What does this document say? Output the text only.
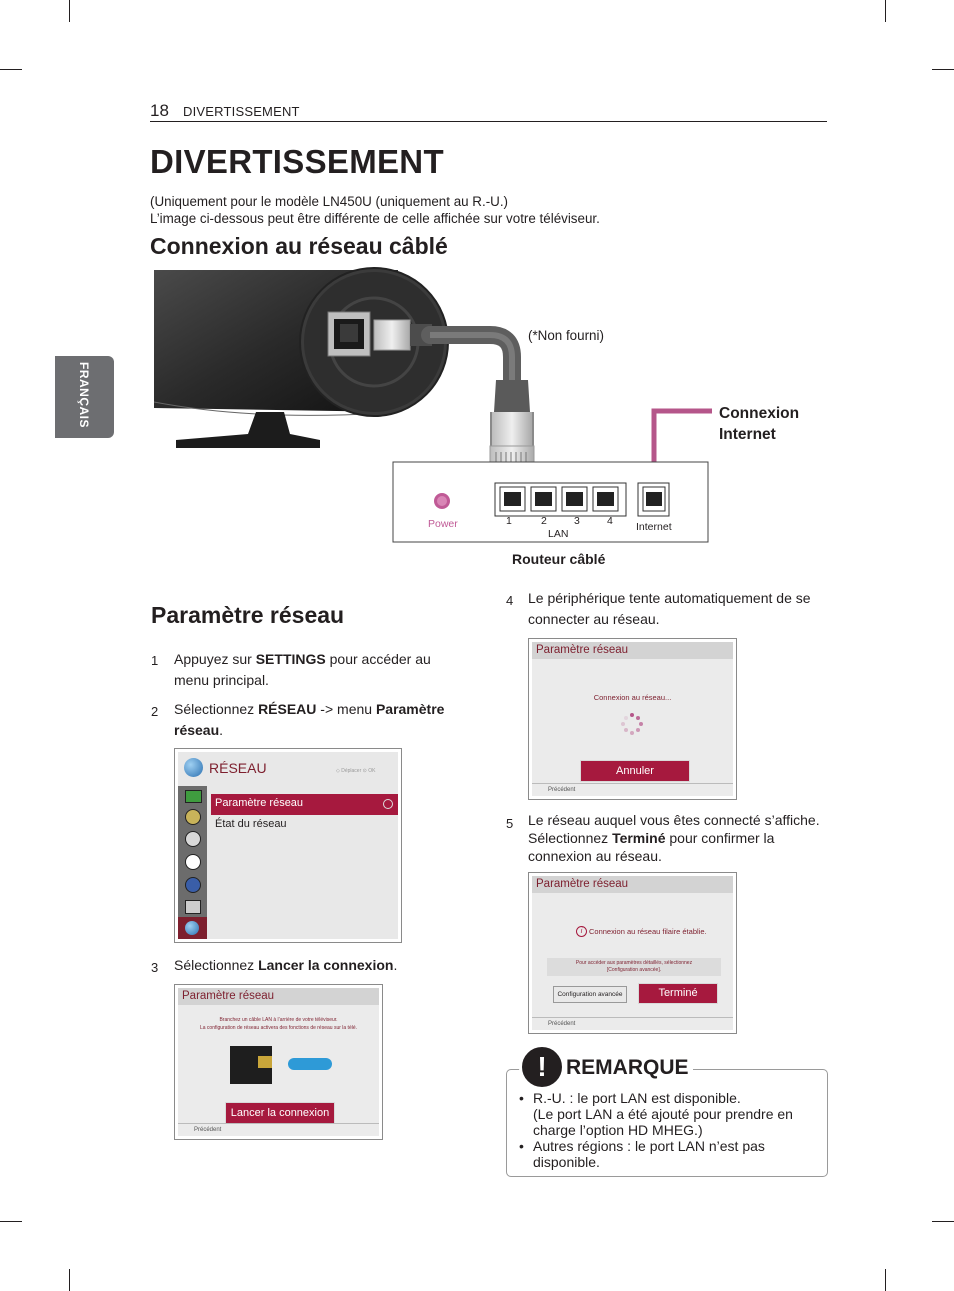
18 DIVERTISSEMENT
FRANÇAIS
DIVERTISSEMENT
(Uniquement pour le modèle LN450U (uniquement au R.-U.)
L’image ci-dessous peut être différente de celle affichée sur votre téléviseur.
Connexion au réseau câblé
(*Non fourni)
Connexion
Internet
Power	1	2	3	4
LAN
Internet
Routeur câblé
Paramètre réseau
1 Appuyez sur SETTINGS pour accéder au
menu principal.
2 Sélectionnez RÉSEAU -> menu Paramètre
réseau.
RÉSEAU	◇ Déplacer ⊙ OK
Paramètre réseau
État du réseau
3 Sélectionnez Lancer la connexion.
Paramètre réseau
Branchez un câble LAN à l’arrière de votre téléviseur.
La configuration de réseau activera des fonctions de réseau sur la télé.
Lancer la connexion
Précédent
4 Le périphérique tente automatiquement de se
connecter au réseau.
Paramètre réseau
Connexion au réseau...
Annuler
Précédent
5 Le réseau auquel vous êtes connecté s’affiche.
Sélectionnez Terminé pour confirmer la
connexion au réseau.
Paramètre réseau
i Connexion au réseau filaire établie.
Pour accéder aux paramètres détaillés, sélectionnez
[Configuration avancée].
Configuration avancée	Terminé
Précédent
! REMARQUE
• R.-U. : le port LAN est disponible.
(Le port LAN a été ajouté pour prendre en
charge l’option HD MHEG.)
• Autres régions : le port LAN n’est pas
disponible.
